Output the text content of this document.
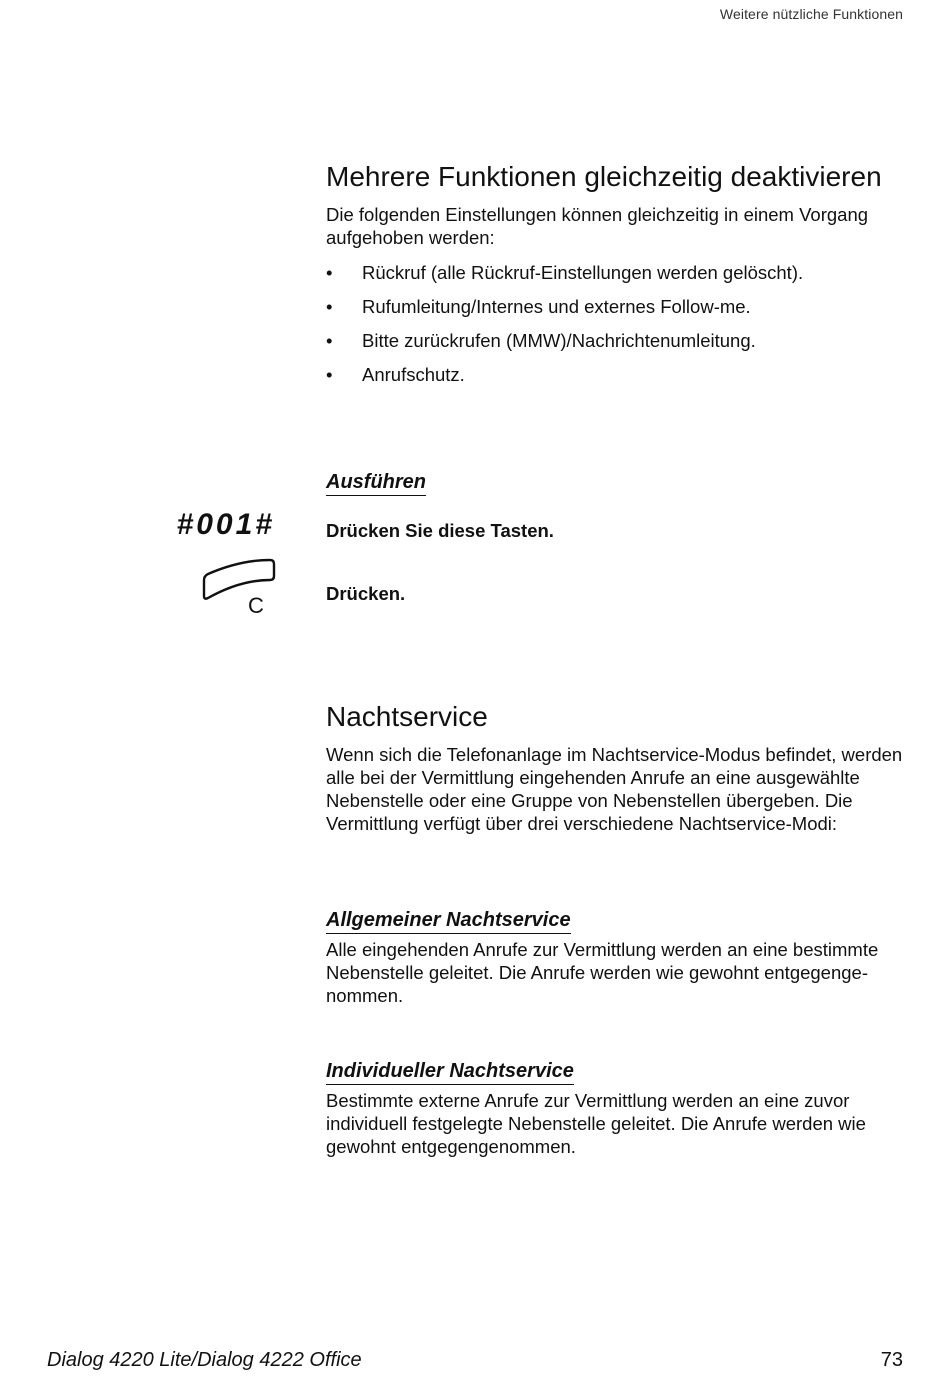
Weitere nützliche Funktionen
Mehrere Funktionen gleichzeitig deaktivieren

Die folgenden Einstellungen können gleichzeitig in einem Vorgang aufgehoben werden:

• Rückruf (alle Rückruf-Einstellungen werden gelöscht).
• Rufumleitung/Internes und externes Follow-me.
• Bitte zurückrufen (MMW)/Nachrichtenumleitung.
• Anrufschutz.
Ausführen
#001#	Drücken Sie diese Tasten.
C	Drücken.
Nachtservice

Wenn sich die Telefonanlage im Nachtservice-Modus befindet, werden alle bei der Vermittlung eingehenden Anrufe an eine ausgewählte Nebenstelle oder eine Gruppe von Nebenstellen übergeben. Die Vermittlung verfügt über drei verschiedene Nachtservice-Modi:

Allgemeiner Nachtservice

Alle eingehenden Anrufe zur Vermittlung werden an eine bestimmte Nebenstelle geleitet. Die Anrufe werden wie gewohnt entgegenge-nommen.

Individueller Nachtservice

Bestimmte externe Anrufe zur Vermittlung werden an eine zuvor individuell festgelegte Nebenstelle geleitet. Die Anrufe werden wie gewohnt entgegengenommen.

Dialog 4220 Lite/Dialog 4222 Office	73
